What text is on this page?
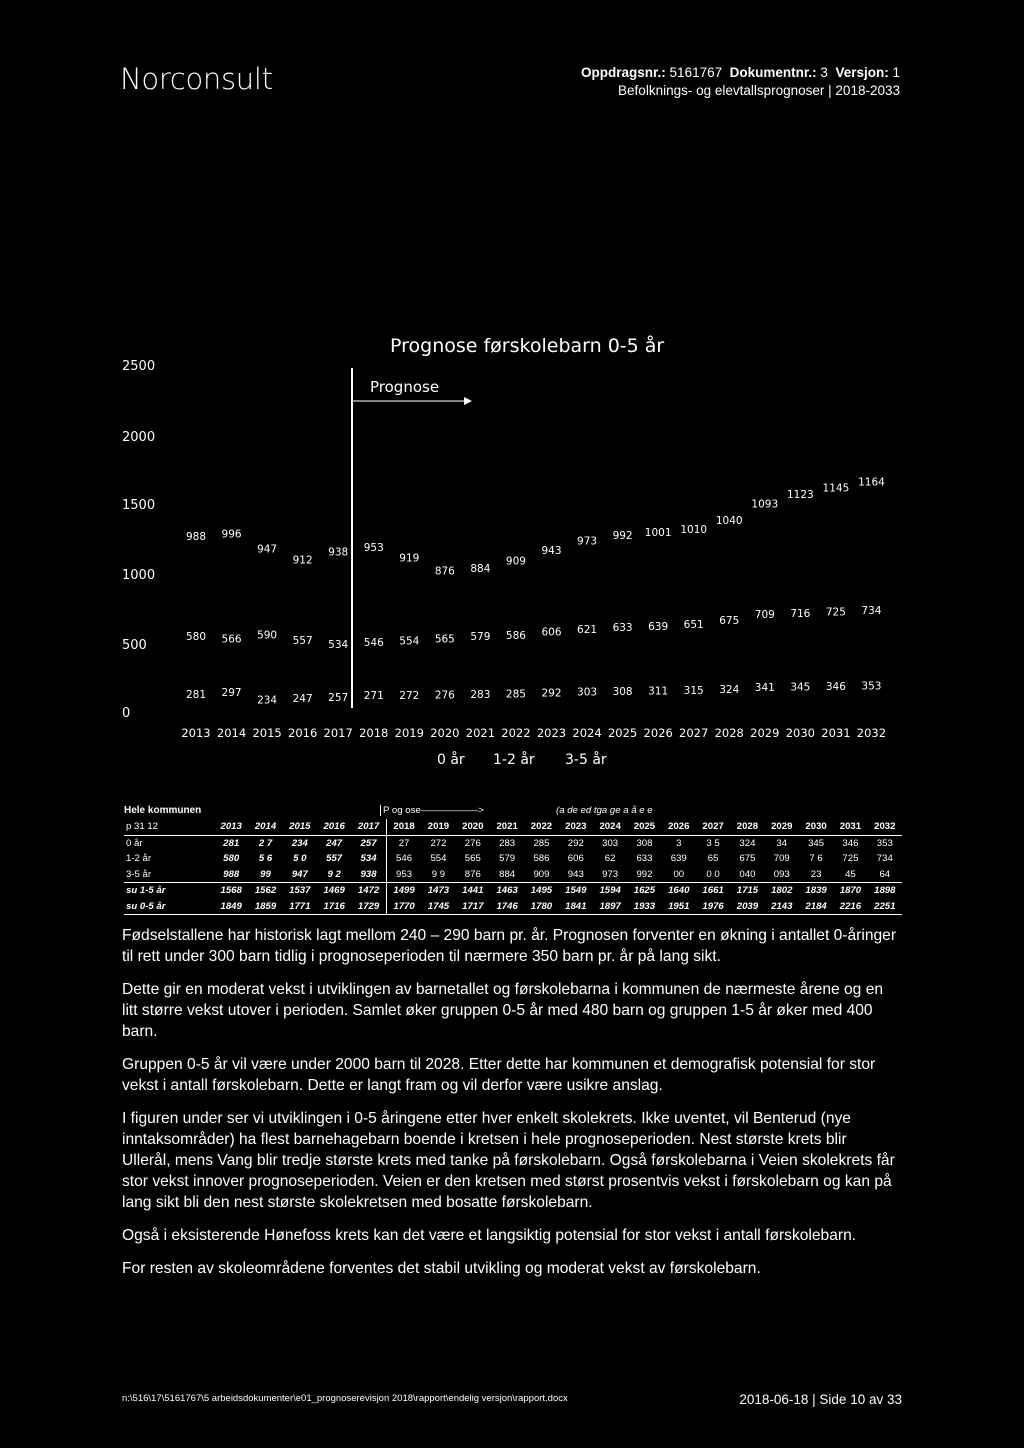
Norconsult	Oppdragsnr.: 5161767 Dokumentnr.: 3 Versjon: 1
Befolknings- og elevtallsprognoser | 2018-2033
Prognose førskolebarn 0-5 år
Prognose
2500
2000
1500
1000
500
0
2013 2014 2015 2016 2017 2018 2019 2020 2021 2022 2023 2024 2025 2026 2027 2028 2029 2030 2031 2032
281 297
234 247 257 271 272 276 283 285 292 303 308 311 315 324 341 345 346 353
580 566 590 557 534 546 554 565 579 586 606 621 633 639 651 675 709 716 725 734
988 996
947
912
938 953
919
876 884
909
943
973 992 1001 1010
1040
1093
1123
1145 1164
0 år 1-2 år 3-5 år
Hele kommunen	P og ose——————>	(a de ed tga ge a å e e
p 31 12	2013	2014	2015	2016	2017	2018	2019	2020	2021	2022	2023	2024	2025	2026	2027	2028	2029	2030	2031	2032
0 år	281	2 7	234	247	257	27	272	276	283	285	292	303	308	3	3 5	324	34	345	346	353
1-2 år	580	5 6	5 0	557	534	546	554	565	579	586	606	62	633	639	65	675	709	7 6	725	734
3-5 år	988	99	947	9 2	938	953	9 9	876	884	909	943	973	992	00	0 0	040	093	23	45	64
su 1-5 år	1568	1562	1537	1469	1472	1499	1473	1441	1463	1495	1549	1594	1625	1640	1661	1715	1802	1839	1870	1898
su 0-5 år	1849	1859	1771	1716	1729	1770	1745	1717	1746	1780	1841	1897	1933	1951	1976	2039	2143	2184	2216	2251

Fødselstallene har historisk lagt mellom 240 – 290 barn pr. år. Prognosen forventer en økning i antallet 0-åringer til rett under 300 barn tidlig i prognoseperioden til nærmere 350 barn pr. år på lang sikt.

Dette gir en moderat vekst i utviklingen av barnetallet og førskolebarna i kommunen de nærmeste årene og en litt større vekst utover i perioden. Samlet øker gruppen 0-5 år med 480 barn og gruppen 1-5 år øker med 400 barn.

Gruppen 0-5 år vil være under 2000 barn til 2028. Etter dette har kommunen et demografisk potensial for stor vekst i antall førskolebarn. Dette er langt fram og vil derfor være usikre anslag.

I figuren under ser vi utviklingen i 0-5 åringene etter hver enkelt skolekrets. Ikke uventet, vil Benterud (nye inntaksområder) ha flest barnehagebarn boende i kretsen i hele prognoseperioden. Nest største krets blir Ullerål, mens Vang blir tredje største krets med tanke på førskolebarn. Også førskolebarna i Veien skolekrets får stor vekst innover prognoseperioden. Veien er den kretsen med størst prosentvis vekst i førskolebarn og kan på lang sikt bli den nest største skolekretsen med bosatte førskolebarn.

Også i eksisterende Hønefoss krets kan det være et langsiktig potensial for stor vekst i antall førskolebarn.

For resten av skoleområdene forventes det stabil utvikling og moderat vekst av førskolebarn.

n:\516\17\5161767\5 arbeidsdokumenter\e01_prognoserevisjon 2018\rapport\endelig versjon\rapport.docx	2018-06-18 | Side 10 av 33
